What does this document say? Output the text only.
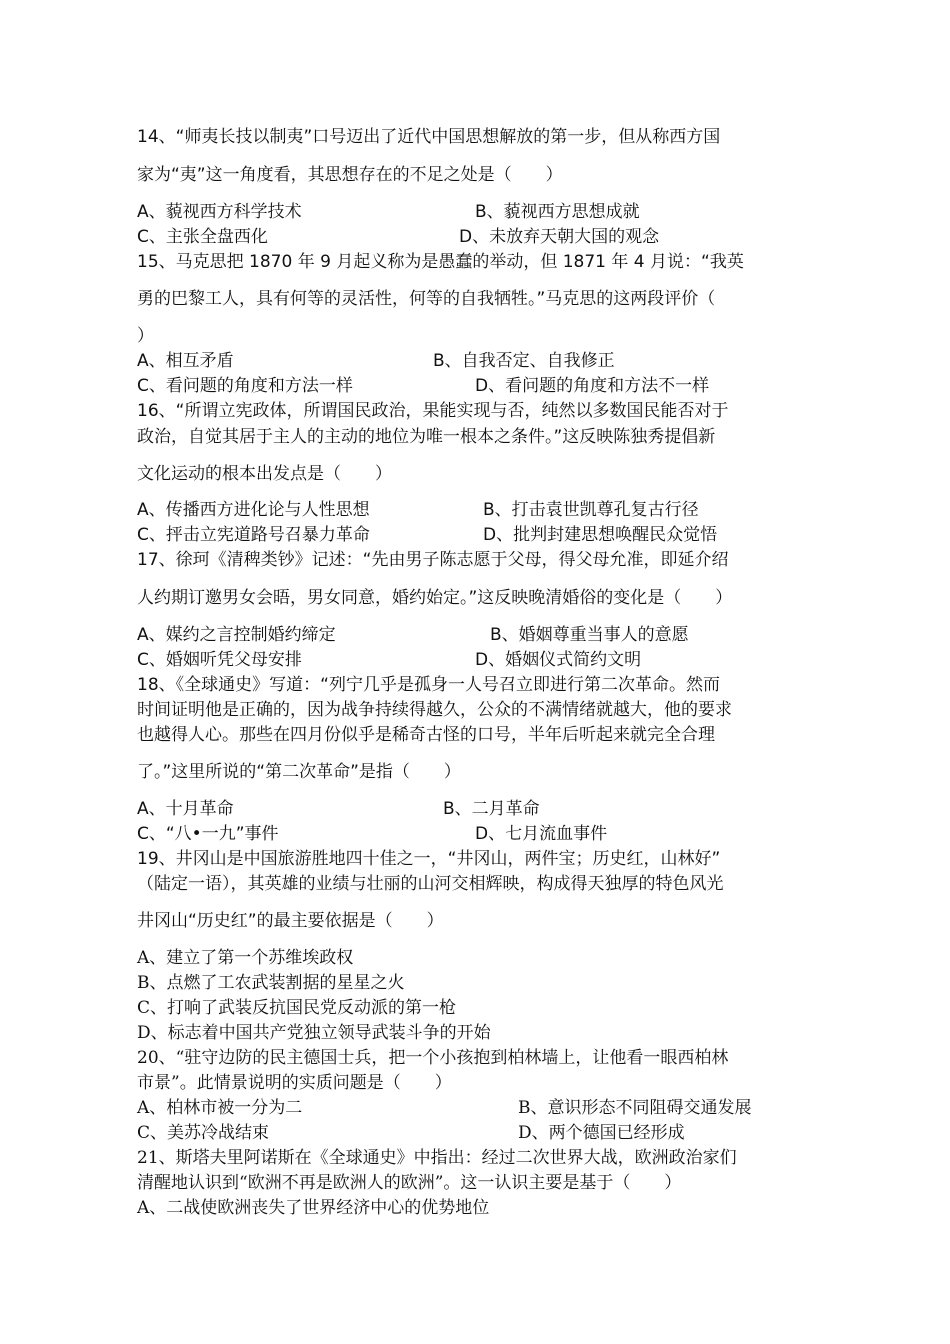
14、“师夷长技以制夷”口号迈出了近代中国思想解放的第一步，但从称西方国
家为“夷”这一角度看，其思想存在的不足之处是（　　）
A、藐视西方科学技术	B、藐视西方思想成就
C、主张全盘西化	D、未放弃天朝大国的观念
15、马克思把 1870 年 9 月起义称为是愚蠢的举动，但 1871 年 4 月说：“我英
勇的巴黎工人，具有何等的灵活性，何等的自我牺牲。”马克思的这两段评价（
）
A、相互矛盾	B、自我否定、自我修正
C、看问题的角度和方法一样	D、看问题的角度和方法不一样
16、“所谓立宪政体，所谓国民政治，果能实现与否，纯然以多数国民能否对于
政治，自觉其居于主人的主动的地位为唯一根本之条件。”这反映陈独秀提倡新
文化运动的根本出发点是（　　）
A、传播西方进化论与人性思想	B、打击袁世凯尊孔复古行径
C、抨击立宪道路号召暴力革命	D、批判封建思想唤醒民众觉悟
17、徐珂《清稗类钞》记述：“先由男子陈志愿于父母，得父母允准，即延介绍
人约期订邀男女会晤，男女同意，婚约始定。”这反映晚清婚俗的变化是（　　）
A、媒约之言控制婚约缔定	B、婚姻尊重当事人的意愿
C、婚姻听凭父母安排	D、婚姻仪式简约文明
18、《全球通史》写道：“列宁几乎是孤身一人号召立即进行第二次革命。然而
时间证明他是正确的，因为战争持续得越久，公众的不满情绪就越大，他的要求
也越得人心。那些在四月份似乎是稀奇古怪的口号，半年后听起来就完全合理
了。”这里所说的“第二次革命”是指（　　）
A、十月革命	B、二月革命
C、“八•一九”事件	D、七月流血事件
19、井冈山是中国旅游胜地四十佳之一，“井冈山，两件宝；历史红，山林好”
（陆定一语），其英雄的业绩与壮丽的山河交相辉映，构成得天独厚的特色风光
井冈山“历史红”的最主要依据是（　　）
A、建立了第一个苏维埃政权
B、点燃了工农武装割据的星星之火
C、打响了武装反抗国民党反动派的第一枪
D、标志着中国共产党独立领导武装斗争的开始
20、“驻守边防的民主德国士兵，把一个小孩抱到柏林墙上，让他看一眼西柏林
市景”。此情景说明的实质问题是（　　）
A、柏林市被一分为二	B、意识形态不同阻碍交通发展
C、美苏冷战结束	D、两个德国已经形成
21、斯塔夫里阿诺斯在《全球通史》中指出：经过二次世界大战，欧洲政治家们
清醒地认识到“欧洲不再是欧洲人的欧洲”。这一认识主要是基于（　　）
A、二战使欧洲丧失了世界经济中心的优势地位
